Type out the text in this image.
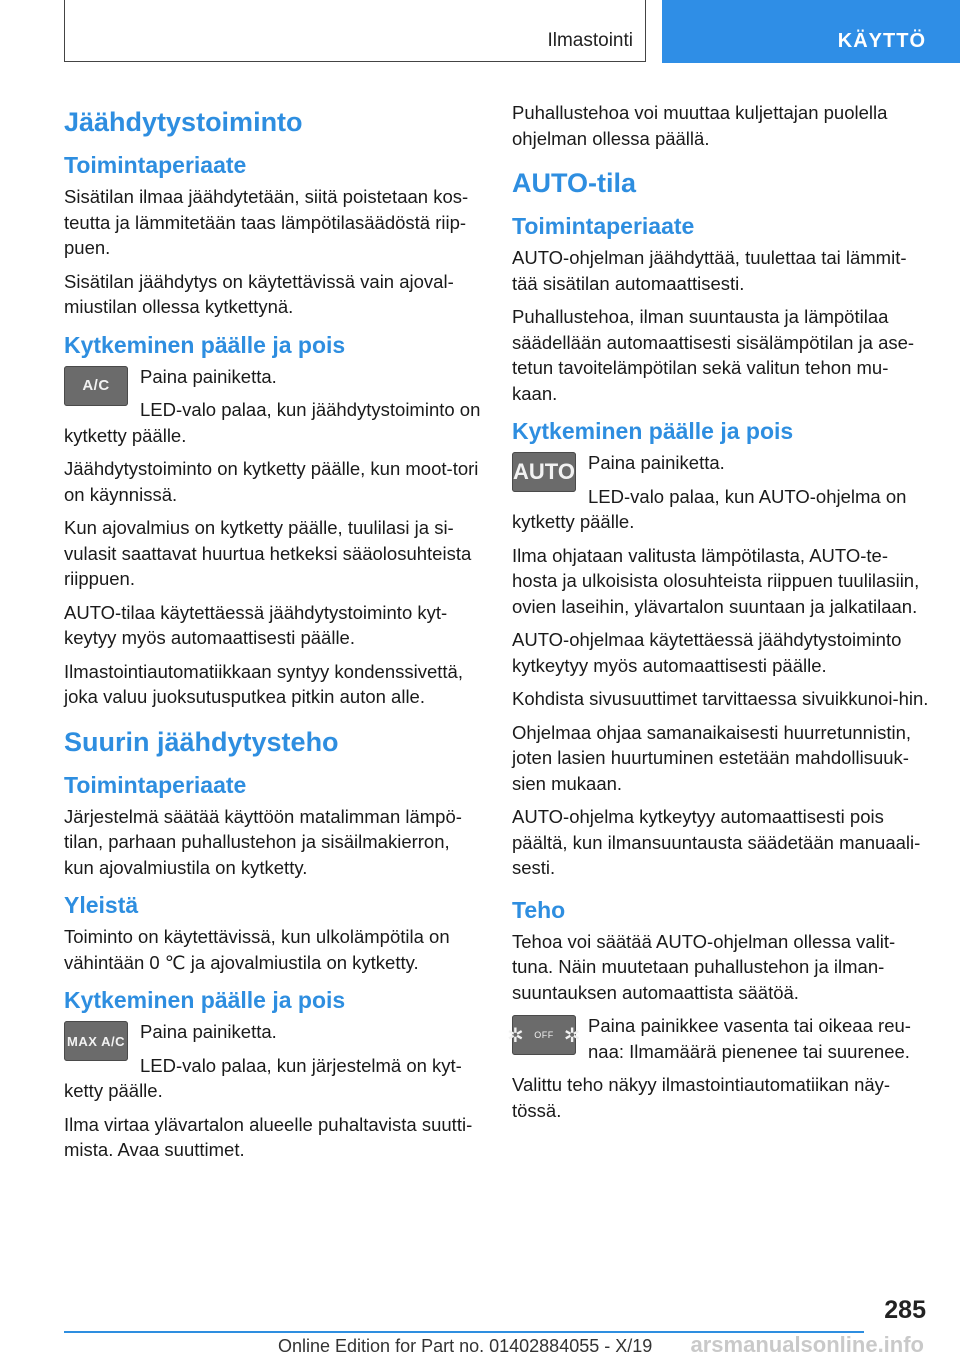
Ilmastointi	KÄYTTÖ
Jäähdytystoiminto
Toimintaperiaate

Sisätilan ilmaa jäähdytetään, siitä poistetaan kos-teutta ja lämmitetään taas lämpötilasäädöstä riip-puen.

Sisätilan jäähdytys on käytettävissä vain ajoval-miustilan ollessa kytkettynä.

Kytkeminen päälle ja pois
A/C	Paina painiketta.

LED-valo palaa, kun jäähdytystoiminto on kytketty päälle.

Jäähdytystoiminto on kytketty päälle, kun moot-tori on käynnissä.

Kun ajovalmius on kytketty päälle, tuulilasi ja si-vulasit saattavat huurtua hetkeksi sääolosuhteista riippuen.

AUTO-tilaa käytettäessä jäähdytystoiminto kyt-keytyy myös automaattisesti päälle.

Ilmastointiautomatiikkaan syntyy kondenssivettä, joka valuu juoksutusputkea pitkin auton alle.

Suurin jäähdytysteho
Toimintaperiaate

Järjestelmä säätää käyttöön matalimman lämpö-tilan, parhaan puhallustehon ja sisäilmakierron, kun ajovalmiustila on kytketty.

Yleistä

Toiminto on käytettävissä, kun ulkolämpötila on vähintään 0 ℃ ja ajovalmiustila on kytketty.

Kytkeminen päälle ja pois
MAX A/C Paina painiketta.

LED-valo palaa, kun järjestelmä on kyt-ketty päälle.

Ilma virtaa ylävartalon alueelle puhaltavista suutti-mista. Avaa suuttimet.

Puhallustehoa voi muuttaa kuljettajan puolella ohjelman ollessa päällä.

AUTO-tila
Toimintaperiaate

AUTO-ohjelman jäähdyttää, tuulettaa tai lämmit-tää sisätilan automaattisesti.

Puhallustehoa, ilman suuntausta ja lämpötilaa säädellään automaattisesti sisälämpötilan ja ase-tetun tavoitelämpötilan sekä valitun tehon mu-kaan.

Kytkeminen päälle ja pois
AUTO Paina painiketta.

LED-valo palaa, kun AUTO-ohjelma on kytketty päälle.

Ilma ohjataan valitusta lämpötilasta, AUTO-te-hosta ja ulkoisista olosuhteista riippuen tuulilasiin, ovien laseihin, ylävartalon suuntaan ja jalkatilaan.

AUTO-ohjelmaa käytettäessä jäähdytystoiminto kytkeytyy myös automaattisesti päälle.

Kohdista sivusuuttimet tarvittaessa sivuikkunoi-hin.

Ohjelmaa ohjaa samanaikaisesti huurretunnistin, joten lasien huurtuminen estetään mahdollisuuk-sien mukaan.

AUTO-ohjelma kytkeytyy automaattisesti pois päältä, kun ilmansuuntausta säädetään manuaali-sesti.

Teho

Tehoa voi säätää AUTO-ohjelman ollessa valit-tuna. Näin muutetaan puhallustehon ja ilman-suuntauksen automaattista säätöä.

✲ OFF ✲ Paina painikkee vasenta tai oikeaa reu-naa: Ilmamäärä pienenee tai suurenee.

Valittu teho näkyy ilmastointiautomatiikan näy-tössä.

285
Online Edition for Part no. 01402884055 - X/19 arsmanualsonline.info
